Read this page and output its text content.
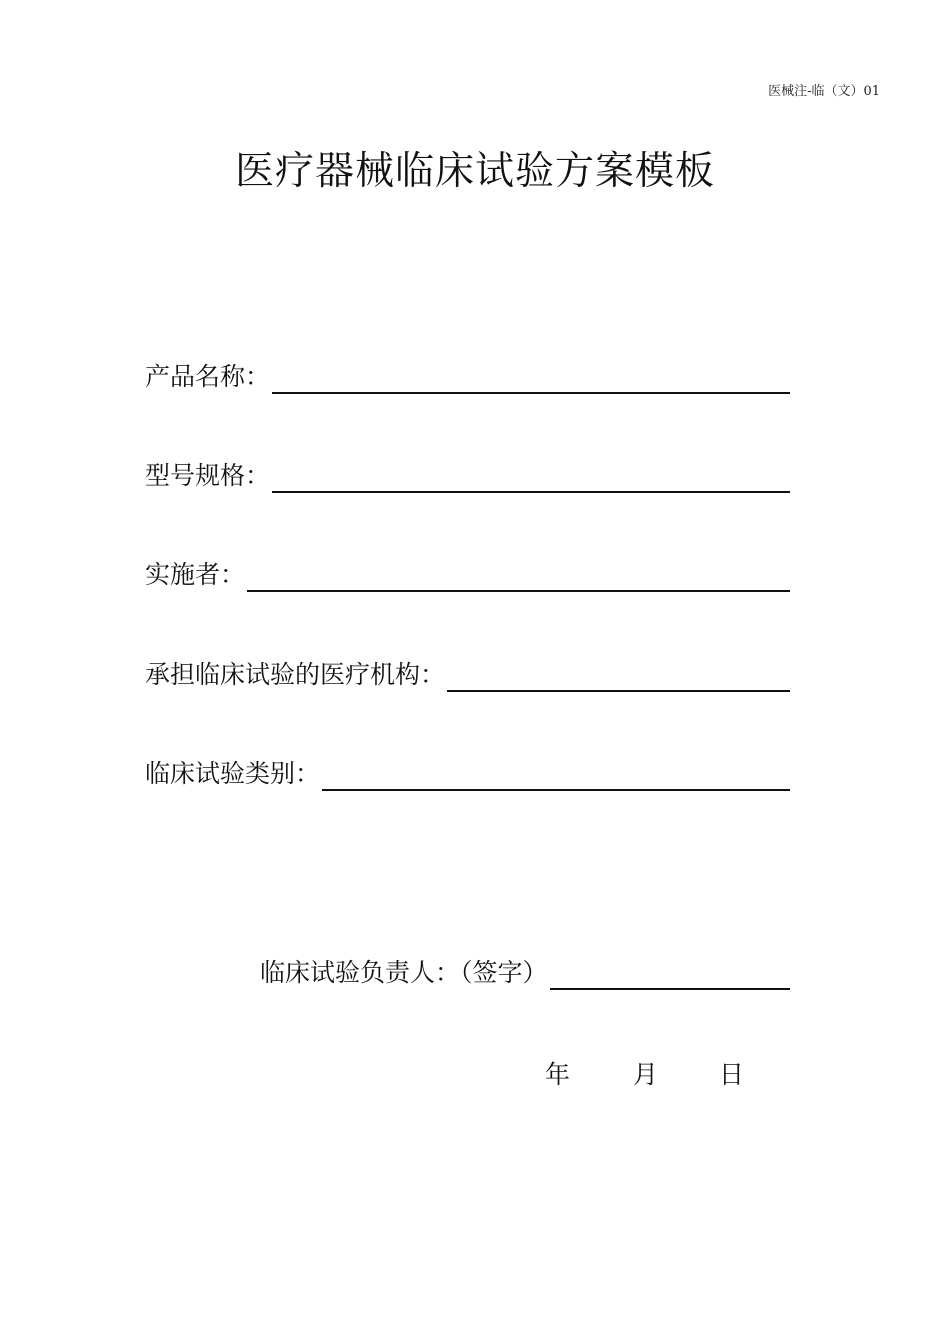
医械注-临（文）01
医疗器械临床试验方案模板
产品名称：
型号规格：
实施者：
承担临床试验的医疗机构：
临床试验类别：
临床试验负责人：（签字）
年	月	日
